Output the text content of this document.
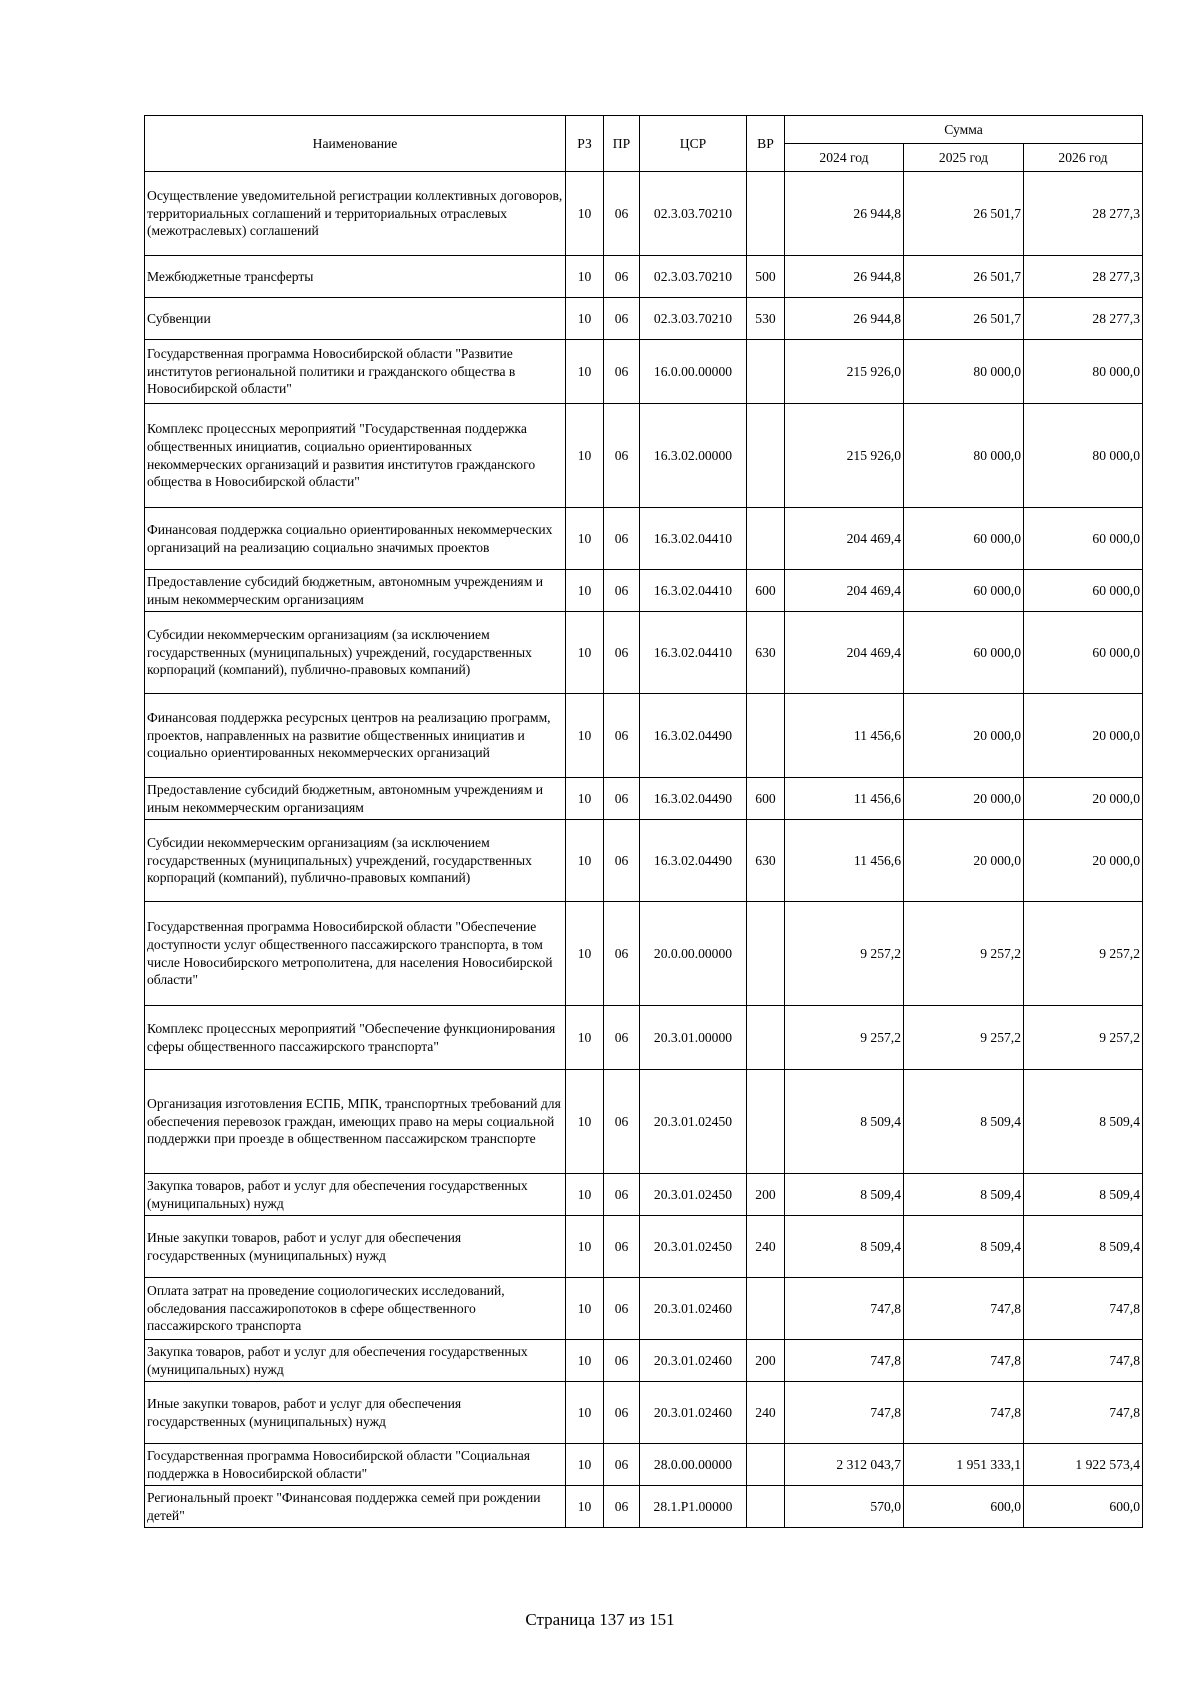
Наименование	РЗ	ПР	ЦСР	ВР	Сумма		
					2024 год	2025 год	2026 год
Осуществление уведомительной регистрации коллективных договоров, территориальных соглашений и территориальных отраслевых (межотраслевых) соглашений	10	06	02.3.03.70210		26 944,8	26 501,7	28 277,3
Межбюджетные трансферты	10	06	02.3.03.70210	500	26 944,8	26 501,7	28 277,3
Субвенции	10	06	02.3.03.70210	530	26 944,8	26 501,7	28 277,3
Государственная программа Новосибирской области "Развитие институтов региональной политики и гражданского общества в Новосибирской области"	10	06	16.0.00.00000		215 926,0	80 000,0	80 000,0
Комплекс процессных мероприятий "Государственная поддержка общественных инициатив, социально ориентированных некоммерческих организаций и развития институтов гражданского общества в Новосибирской области"	10	06	16.3.02.00000		215 926,0	80 000,0	80 000,0
Финансовая поддержка социально ориентированных некоммерческих организаций на реализацию социально значимых проектов	10	06	16.3.02.04410		204 469,4	60 000,0	60 000,0
Предоставление субсидий бюджетным, автономным учреждениям и иным некоммерческим организациям	10	06	16.3.02.04410	600	204 469,4	60 000,0	60 000,0
Субсидии некоммерческим организациям (за исключением государственных (муниципальных) учреждений, государственных корпораций (компаний), публично-правовых компаний)	10	06	16.3.02.04410	630	204 469,4	60 000,0	60 000,0
Финансовая поддержка ресурсных центров на реализацию программ, проектов, направленных на развитие общественных инициатив и социально ориентированных некоммерческих организаций	10	06	16.3.02.04490		11 456,6	20 000,0	20 000,0
Предоставление субсидий бюджетным, автономным учреждениям и иным некоммерческим организациям	10	06	16.3.02.04490	600	11 456,6	20 000,0	20 000,0
Субсидии некоммерческим организациям (за исключением государственных (муниципальных) учреждений, государственных корпораций (компаний), публично-правовых компаний)	10	06	16.3.02.04490	630	11 456,6	20 000,0	20 000,0
Государственная программа Новосибирской области "Обеспечение доступности услуг общественного пассажирского транспорта, в том числе Новосибирского метрополитена, для населения Новосибирской области"	10	06	20.0.00.00000		9 257,2	9 257,2	9 257,2
Комплекс процессных мероприятий "Обеспечение функционирования сферы общественного пассажирского транспорта"	10	06	20.3.01.00000		9 257,2	9 257,2	9 257,2
Организация изготовления ЕСПБ, МПК, транспортных требований для обеспечения перевозок граждан, имеющих право на меры социальной поддержки при проезде в общественном пассажирском транспорте	10	06	20.3.01.02450		8 509,4	8 509,4	8 509,4
Закупка товаров, работ и услуг для обеспечения государственных (муниципальных) нужд	10	06	20.3.01.02450	200	8 509,4	8 509,4	8 509,4
Иные закупки товаров, работ и услуг для обеспечения государственных (муниципальных) нужд	10	06	20.3.01.02450	240	8 509,4	8 509,4	8 509,4
Оплата затрат на проведение социологических исследований, обследования пассажиропотоков в сфере общественного пассажирского транспорта	10	06	20.3.01.02460		747,8	747,8	747,8
Закупка товаров, работ и услуг для обеспечения государственных (муниципальных) нужд	10	06	20.3.01.02460	200	747,8	747,8	747,8
Иные закупки товаров, работ и услуг для обеспечения государственных (муниципальных) нужд	10	06	20.3.01.02460	240	747,8	747,8	747,8
Государственная программа Новосибирской области "Социальная поддержка в Новосибирской области"	10	06	28.0.00.00000		2 312 043,7	1 951 333,1	1 922 573,4
Региональный проект "Финансовая поддержка семей при рождении детей"	10	06	28.1.P1.00000		570,0	600,0	600,0
Страница 137 из 151
